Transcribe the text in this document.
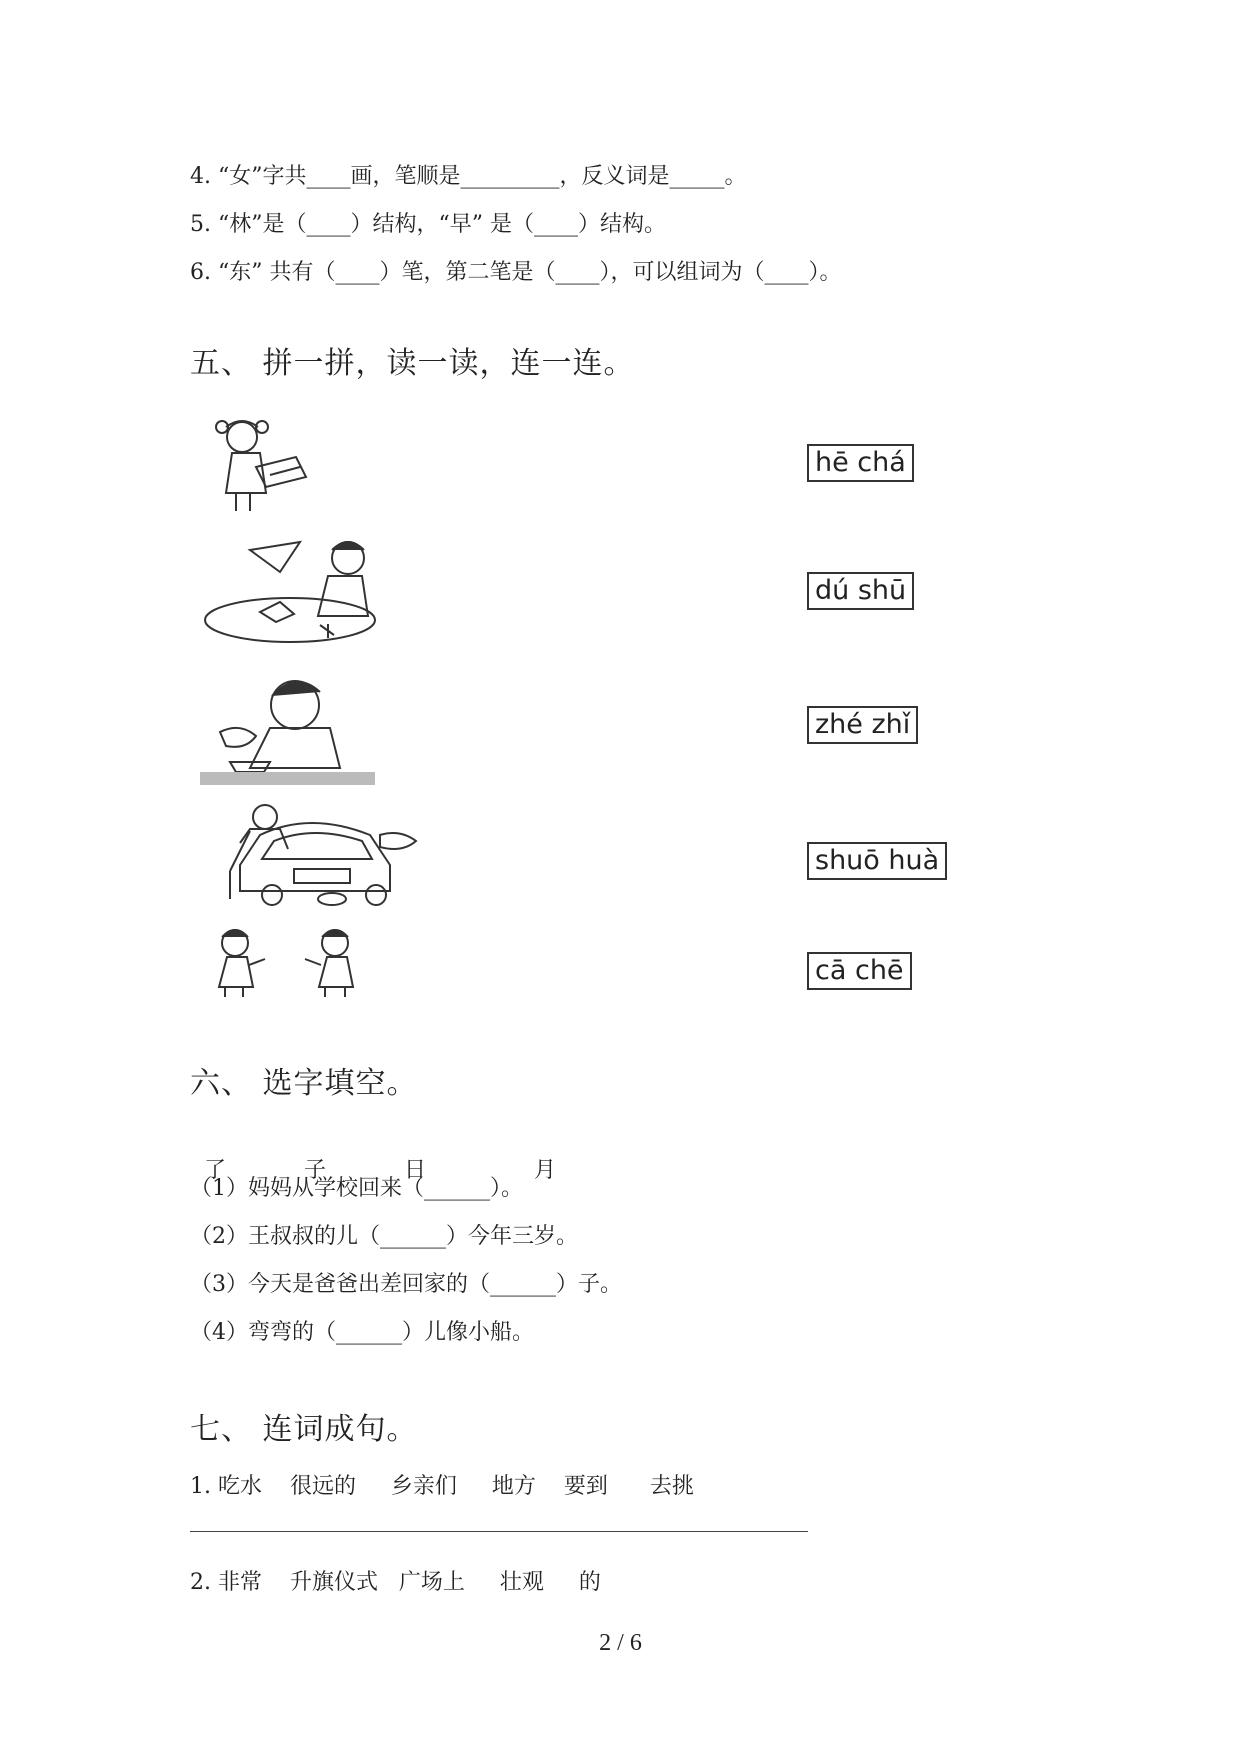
4. “女”字共____画，笔顺是_________，反义词是_____。
5. “林”是（____）结构，“早” 是（____）结构。
6. “东” 共有（____）笔，第二笔是（____），可以组词为（____）。
五、 拼一拼，读一读，连一连。
hē chá
dú shū
zhé zhǐ
shuō huà
cā chē
六、 选字填空。

了	子	日	月

（1）妈妈从学校回来（______）。
（2）王叔叔的儿（______）今年三岁。
（3）今天是爸爸出差回家的（______）子。
（4）弯弯的（______）儿像小船。
七、 连词成句。
1. 吃水    很远的     乡亲们     地方    要到      去挑
2. 非常    升旗仪式   广场上     壮观     的
2 / 6
